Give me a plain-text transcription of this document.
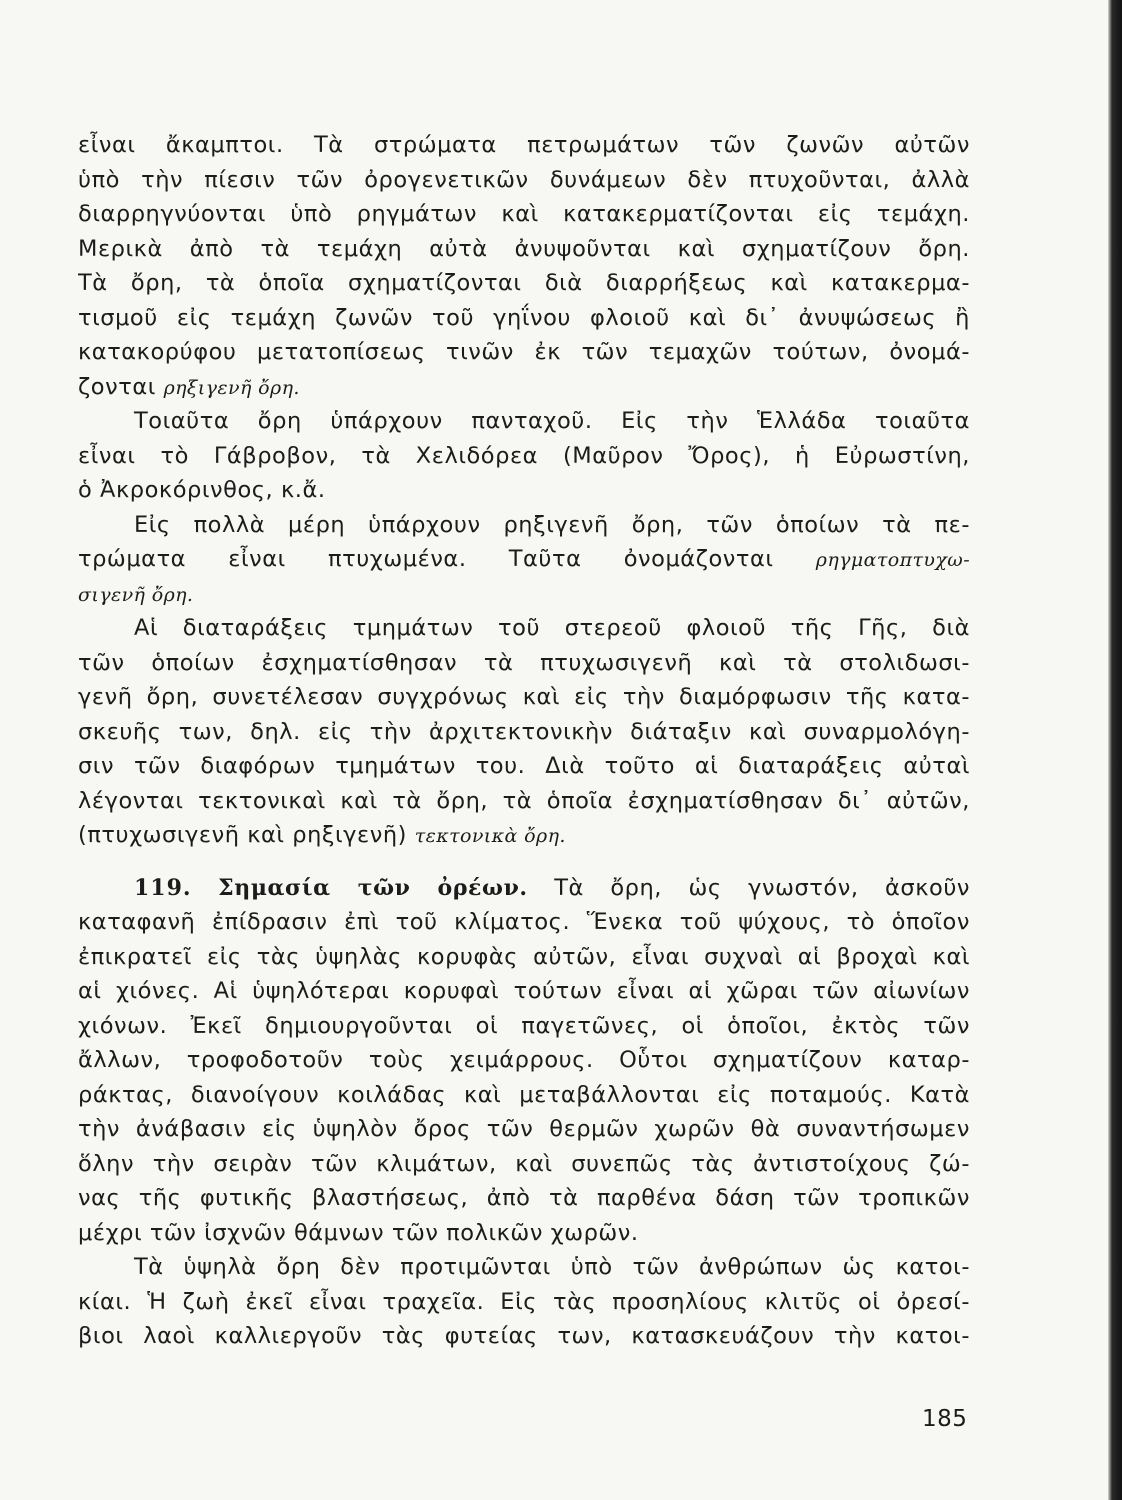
εἶναι ἄκαμπτοι. Τὰ στρώματα πετρωμάτων τῶν ζωνῶν αὐτῶν
ὑπὸ τὴν πίεσιν τῶν ὀρογενετικῶν δυνάμεων δὲν πτυχοῦνται, ἀλλὰ
διαρρηγνύονται ὑπὸ ρηγμάτων καὶ κατακερματίζονται εἰς τεμάχη.
Μερικὰ ἀπὸ τὰ τεμάχη αὐτὰ ἀνυψοῦνται καὶ σχηματίζουν ὄρη.
Τὰ ὄρη, τὰ ὁποῖα σχηματίζονται διὰ διαρρήξεως καὶ κατακερμα-
τισμοῦ εἰς τεμάχη ζωνῶν τοῦ γηΐνου φλοιοῦ καὶ δι᾽ ἀνυψώσεως ἢ
κατακορύφου μετατοπίσεως τινῶν ἐκ τῶν τεμαχῶν τούτων, ὀνομά-
ζονται ρηξιγενῆ ὄρη.
Τοιαῦτα ὄρη ὑπάρχουν πανταχοῦ. Εἰς τὴν Ἑλλάδα τοιαῦτα
εἶναι τὸ Γάβροβον, τὰ Χελιδόρεα (Μαῦρον Ὄρος), ἡ Εὐρωστίνη,
ὁ Ἀκροκόρινθος, κ.ἄ.
Εἰς πολλὰ μέρη ὑπάρχουν ρηξιγενῆ ὄρη, τῶν ὁποίων τὰ πε-
τρώματα εἶναι πτυχωμένα. Ταῦτα ὀνομάζονται ρηγματοπτυχω-
σιγενῆ ὄρη.
Αἱ διαταράξεις τμημάτων τοῦ στερεοῦ φλοιοῦ τῆς Γῆς, διὰ
τῶν ὁποίων ἐσχηματίσθησαν τὰ πτυχωσιγενῆ καὶ τὰ στολιδωσι-
γενῆ ὄρη, συνετέλεσαν συγχρόνως καὶ εἰς τὴν διαμόρφωσιν τῆς κατα-
σκευῆς των, δηλ. εἰς τὴν ἀρχιτεκτονικὴν διάταξιν καὶ συναρμολόγη-
σιν τῶν διαφόρων τμημάτων του. Διὰ τοῦτο αἱ διαταράξεις αὐταὶ
λέγονται τεκτονικαὶ καὶ τὰ ὄρη, τὰ ὁποῖα ἐσχηματίσθησαν δι᾽ αὐτῶν,
(πτυχωσιγενῆ καὶ ρηξιγενῆ) τεκτονικὰ ὄρη.
119. Σημασία τῶν ὀρέων. Τὰ ὄρη, ὡς γνωστόν, ἀσκοῦν
καταφανῆ ἐπίδρασιν ἐπὶ τοῦ κλίματος. Ἕνεκα τοῦ ψύχους, τὸ ὁποῖον
ἐπικρατεῖ εἰς τὰς ὑψηλὰς κορυφὰς αὐτῶν, εἶναι συχναὶ αἱ βροχαὶ καὶ
αἱ χιόνες. Αἱ ὑψηλότεραι κορυφαὶ τούτων εἶναι αἱ χῶραι τῶν αἰωνίων
χιόνων. Ἐκεῖ δημιουργοῦνται οἱ παγετῶνες, οἱ ὁποῖοι, ἐκτὸς τῶν
ἄλλων, τροφοδοτοῦν τοὺς χειμάρρους. Οὗτοι σχηματίζουν καταρ-
ράκτας, διανοίγουν κοιλάδας καὶ μεταβάλλονται εἰς ποταμούς. Κατὰ
τὴν ἀνάβασιν εἰς ὑψηλὸν ὄρος τῶν θερμῶν χωρῶν θὰ συναντήσωμεν
ὅλην τὴν σειρὰν τῶν κλιμάτων, καὶ συνεπῶς τὰς ἀντιστοίχους ζώ-
νας τῆς φυτικῆς βλαστήσεως, ἀπὸ τὰ παρθένα δάση τῶν τροπικῶν
μέχρι τῶν ἰσχνῶν θάμνων τῶν πολικῶν χωρῶν.
Τὰ ὑψηλὰ ὄρη δὲν προτιμῶνται ὑπὸ τῶν ἀνθρώπων ὡς κατοι-
κίαι. Ἡ ζωὴ ἐκεῖ εἶναι τραχεῖα. Εἰς τὰς προσηλίους κλιτῦς οἱ ὀρεσί-
βιοι λαοὶ καλλιεργοῦν τὰς φυτείας των, κατασκευάζουν τὴν κατοι-
185
